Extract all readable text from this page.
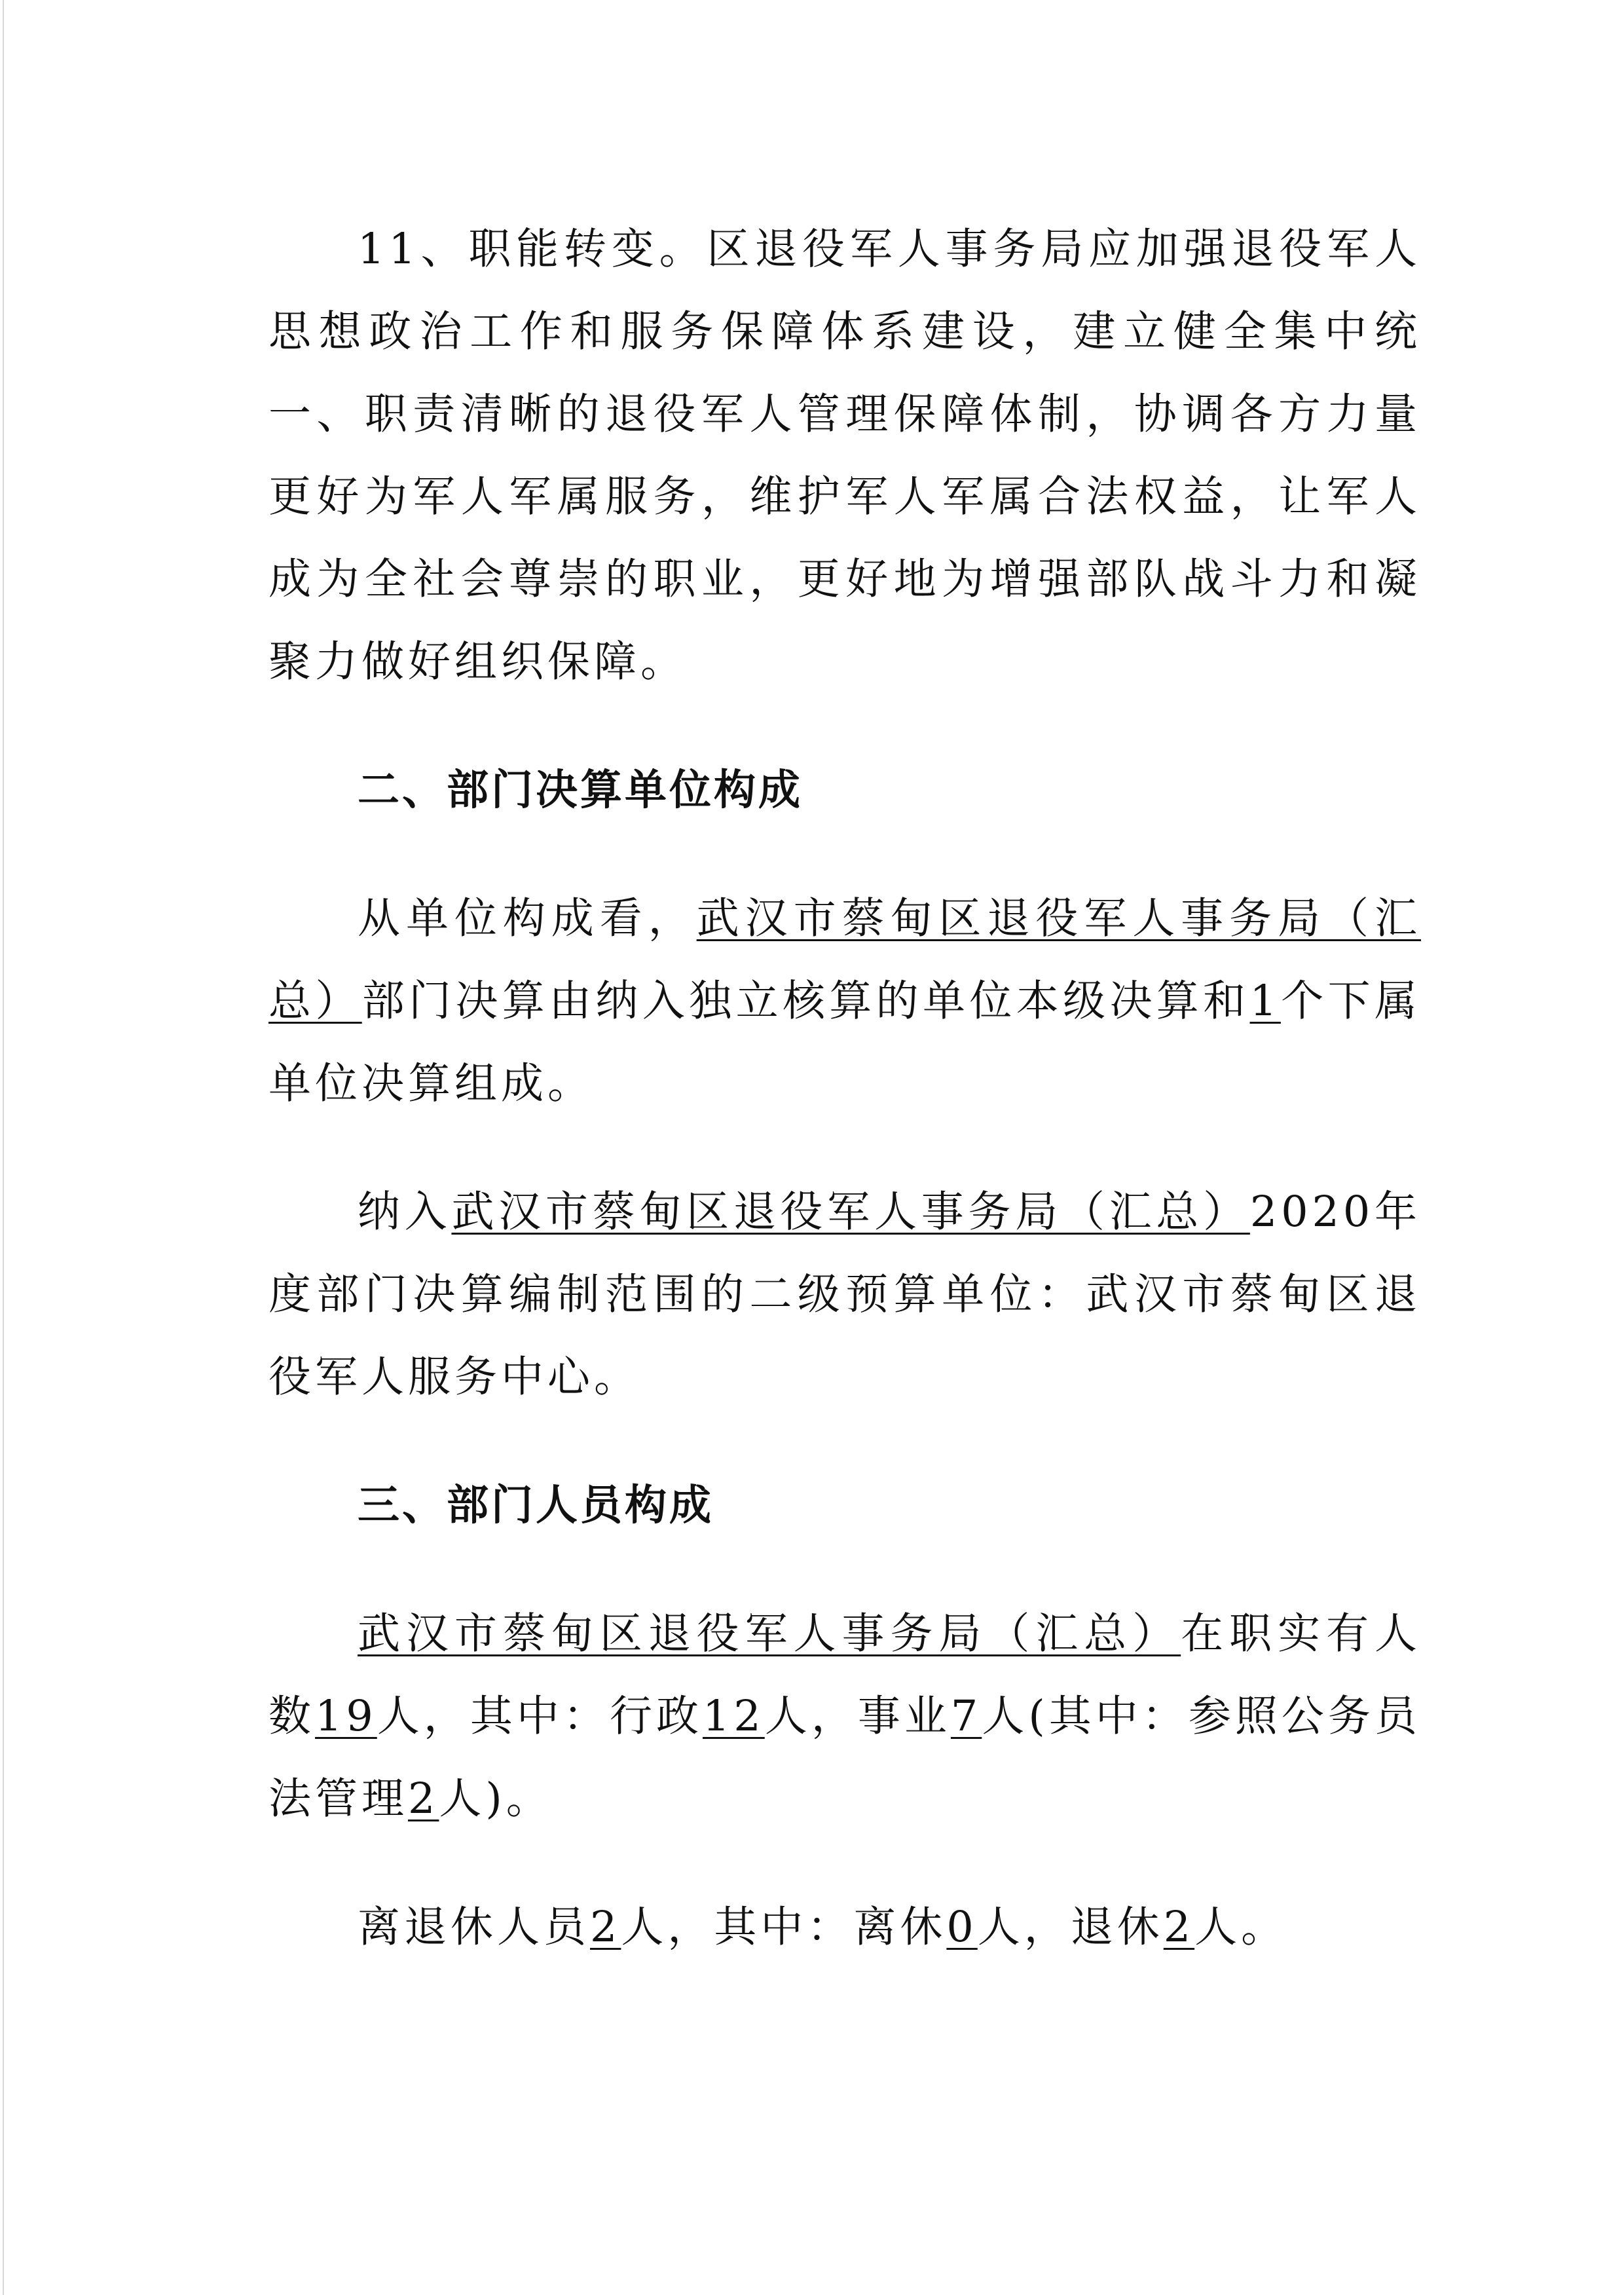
11、职能转变。区退役军人事务局应加强退役军人思想政治工作和服务保障体系建设，建立健全集中统一、职责清晰的退役军人管理保障体制，协调各方力量更好为军人军属服务，维护军人军属合法权益，让军人成为全社会尊崇的职业，更好地为增强部队战斗力和凝聚力做好组织保障。

二、部门决算单位构成

从单位构成看，武汉市蔡甸区退役军人事务局（汇总）部门决算由纳入独立核算的单位本级决算和1个下属单位决算组成。

纳入武汉市蔡甸区退役军人事务局（汇总）2020年度部门决算编制范围的二级预算单位：武汉市蔡甸区退役军人服务中心。

三、部门人员构成

武汉市蔡甸区退役军人事务局（汇总）在职实有人数19人，其中：行政12人，事业7人(其中：参照公务员法管理2人)。

离退休人员2人，其中：离休0人，退休2人。
